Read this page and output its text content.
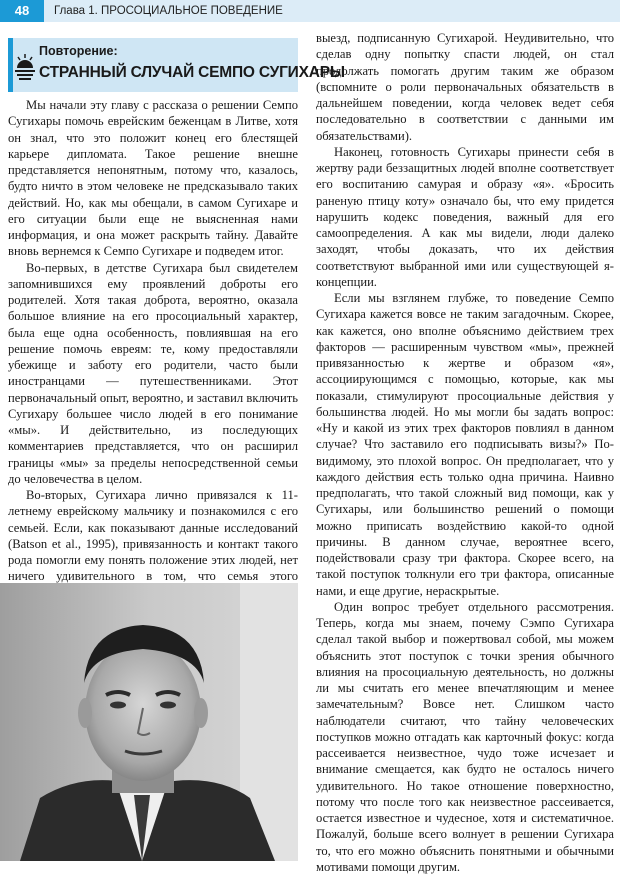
48	Глава 1. ПРОСОЦИАЛЬНОЕ ПОВЕДЕНИЕ
Повторение:
СТРАННЫЙ СЛУЧАЙ СЕМПО СУГИХАРЫ

Мы начали эту главу с рассказа о решении Семпо Сугихары помочь еврейским беженцам в Литве, хотя он знал, что это положит конец его блестящей карьере дипломата. Такое решение внешне представляется непонятным, потому что, казалось, будто ничто в этом человеке не предсказывало таких действий. Но, как мы обещали, в самом Сугихаре и его ситуации были еще не выясненная нами информация, и она может раскрыть тайну. Давайте вновь вернемся к Семпо Сугихаре и подведем итог.

Во-первых, в детстве Сугихара был свидетелем запомнившихся ему проявлений доброты его родителей. Хотя такая доброта, вероятно, оказала большое влияние на его просоциальный характер, была еще одна особенность, повлиявшая на его решение помочь евреям: те, кому предоставляли убежище и заботу его родители, часто были иностранцами — путешественниками. Этот первоначальный опыт, вероятно, и заставил включить Сугихару большее число людей в его понимание «мы». И действительно, из последующих комментариев представляется, что он расширил границы «мы» за пределы непосредственной семьи до человечества в целом.

Во-вторых, Сугихара лично привязался к 11-летнему еврейскому мальчику и познакомился с его семьей. Если, как показывают данные исследований (Batson et al., 1995), привязанность и контакт такого рода помогли ему понять положение этих людей, нет ничего удивительного в том, что семья этого

выезд, подписанную Сугихарой. Неудивительно, что сделав одну попытку спасти людей, он стал продолжать помогать другим таким же образом (вспомните о роли первоначальных обязательств в дальнейшем поведении, когда человек ведет себя последовательно в соответствии с данными им обязательствами).

Наконец, готовность Сугихары принести себя в жертву ради беззащитных людей вполне соответствует его воспитанию самурая и образу «я». «Бросить раненую птицу коту» означало бы, что ему придется нарушить кодекс поведения, важный для его самоопределения. А как мы видели, люди далеко заходят, чтобы доказать, что их действия соответствуют выбранной ими или существующей я-концепции.

Если мы взглянем глубже, то поведение Семпо Сугихара кажется вовсе не таким загадочным. Скорее, как кажется, оно вполне объяснимо действием трех факторов — расширенным чувством «мы», прежней привязанностью к жертве и образом «я», ассоциирующимся с помощью, которые, как мы показали, стимулируют просоциальные действия у большинства людей. Но мы могли бы задать вопрос: «Ну и какой из этих трех факторов повлиял в данном случае? Что заставило его подписывать визы?» По-видимому, это плохой вопрос. Он предполагает, что у каждого действия есть только одна причина. Наивно предполагать, что такой сложный вид помощи, как у Сугихары, или большинство решений о помощи можно приписать воздействию какой-то одной причины. В данном случае, вероятнее всего, подействовали сразу три фактора. Скорее всего, на такой поступок толкнули его три фактора, описанные нами, и еще другие, нераскрытые.

Один вопрос требует отдельного рассмотрения. Теперь, когда мы знаем, почему Сэмпо Сугихара сделал такой выбор и пожертвовал собой, мы можем объяснить этот поступок с точки зрения обычного влияния на просоциальную деятельность, но должны ли мы считать его менее впечатляющим и менее замечательным? Вовсе нет. Слишком часто наблюдатели считают, что тайну человеческих поступков можно отгадать как карточный фокус: когда рассеивается неизвестное, чудо тоже исчезает и внимание смещается, как будто не осталось ничего удивительного. Но такое отношение поверхностно, потому что после того как неизвестное рассеивается, остается известное и чудесное, хотя и систематичное. Пожалуй, больше всего волнует в решении Сугихара то, что его можно объяснить понятными и обычными мотивами помощи другим.
